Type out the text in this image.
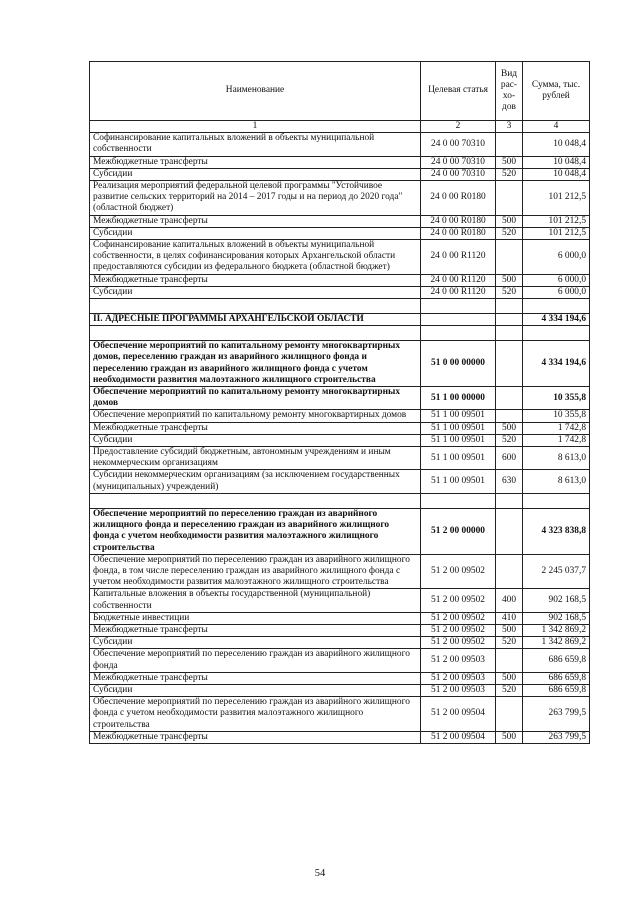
Наименование	Целевая статья	Вид рас-хо-дов	Сумма, тыс. рублей
1	2	3	4
Софинансирование капитальных вложений в объекты муниципальной собственности	24 0 00 70310		10 048,4
Межбюджетные трансферты	24 0 00 70310	500	10 048,4
Субсидии	24 0 00 70310	520	10 048,4
Реализация мероприятий федеральной целевой программы "Устойчивое развитие сельских территорий на 2014 – 2017 годы и на период до 2020 года" (областной бюджет)	24 0 00 R0180		101 212,5
Межбюджетные трансферты	24 0 00 R0180	500	101 212,5
Субсидии	24 0 00 R0180	520	101 212,5
Софинансирование капитальных вложений в объекты муниципальной собственности, в целях софинансирования которых Архангельской области предоставляются субсидии из федерального бюджета (областной бюджет)	24 0 00 R1120		6 000,0
Межбюджетные трансферты	24 0 00 R1120	500	6 000,0
Субсидии	24 0 00 R1120	520	6 000,0

II. АДРЕСНЫЕ ПРОГРАММЫ АРХАНГЕЛЬСКОЙ ОБЛАСТИ			4 334 194,6

Обеспечение мероприятий по капитальному ремонту многоквартирных домов, переселению граждан из аварийного жилищного фонда и переселению граждан из аварийного жилищного фонда с учетом необходимости развития малоэтажного жилищного строительства	51 0 00 00000		4 334 194,6
Обеспечение мероприятий по капитальному ремонту многоквартирных домов	51 1 00 00000		10 355,8
Обеспечение мероприятий по капитальному ремонту многоквартирных домов	51 1 00 09501		10 355,8
Межбюджетные трансферты	51 1 00 09501	500	1 742,8
Субсидии	51 1 00 09501	520	1 742,8
Предоставление субсидий бюджетным, автономным учреждениям и иным некоммерческим организациям	51 1 00 09501	600	8 613,0
Субсидии некоммерческим организациям (за исключением государственных (муниципальных) учреждений)	51 1 00 09501	630	8 613,0

Обеспечение мероприятий по переселению граждан из аварийного жилищного фонда и переселению граждан из аварийного жилищного фонда с учетом необходимости развития малоэтажного жилищного строительства	51 2 00 00000		4 323 838,8
Обеспечение мероприятий по переселению граждан из аварийного жилищного фонда, в том числе переселению граждан из аварийного жилищного фонда с учетом необходимости развития малоэтажного жилищного строительства	51 2 00 09502		2 245 037,7
Капитальные вложения в объекты государственной (муниципальной) собственности	51 2 00 09502	400	902 168,5
Бюджетные инвестиции	51 2 00 09502	410	902 168,5
Межбюджетные трансферты	51 2 00 09502	500	1 342 869,2
Субсидии	51 2 00 09502	520	1 342 869,2
Обеспечение мероприятий по переселению граждан из аварийного жилищного фонда	51 2 00 09503		686 659,8
Межбюджетные трансферты	51 2 00 09503	500	686 659,8
Субсидии	51 2 00 09503	520	686 659,8
Обеспечение мероприятий по переселению граждан из аварийного жилищного фонда с учетом необходимости развития малоэтажного жилищного строительства	51 2 00 09504		263 799,5
Межбюджетные трансферты	51 2 00 09504	500	263 799,5
54
